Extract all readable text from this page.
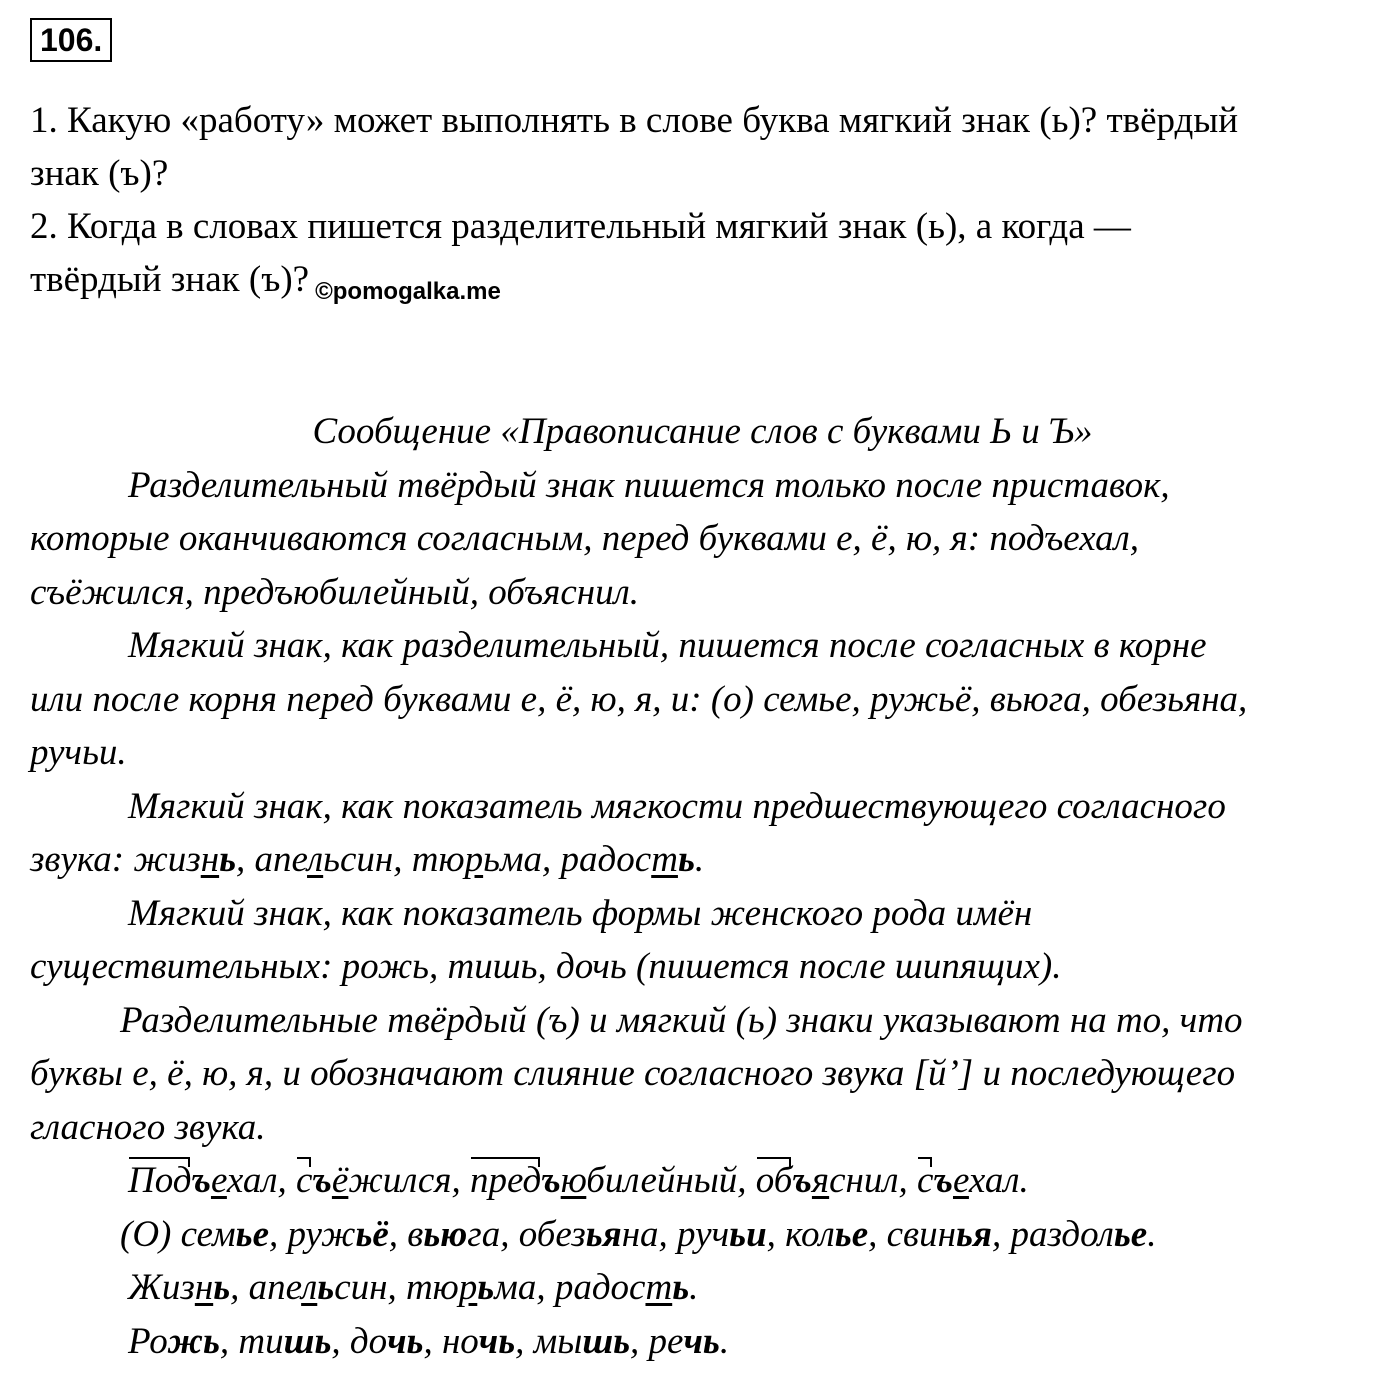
106.

1. Какую «работу» может выполнять в слове буква мягкий знак (ь)? твёрдый

знак (ъ)?

2. Когда в словах пишется разделительный мягкий знак (ь), а когда —

твёрдый знак (ъ)? $_{©pomogalka.me}$

Сообщение «Правописание слов с буквами Ь и Ъ»

Разделительный твёрдый знак пишется только после приставок,

которые оканчиваются согласным, перед буквами е, ё, ю, я: подъехал,

съёжился, предъюбилейный, объяснил.

Мягкий знак, как разделительный, пишется после согласных в корне

или после корня перед буквами е, ё, ю, я, и: (о) семье, ружьё, вьюга, обезьяна,

ручьи.

Мягкий знак, как показатель мягкости предшествующего согласного

звука: жизнь, апельсин, тюрьма, радость.

Мягкий знак, как показатель формы женского рода имён

существительных: рожь, тишь, дочь (пишется после шипящих).

Разделительные твёрдый (ъ) и мягкий (ь) знаки указывают на то, что

буквы е, ё, ю, я, и обозначают слияние согласного звука [й’] и последующего

гласного звука.

Подъехал, съёжился, предъюбилейный, объяснил, съехал.

(О) семье, ружьё, вьюга, обезьяна, ручьи, колье, свинья, раздолье.

Жизнь, апельсин, тюрьма, радость.

Рожь, тишь, дочь, ночь, мышь, речь.
